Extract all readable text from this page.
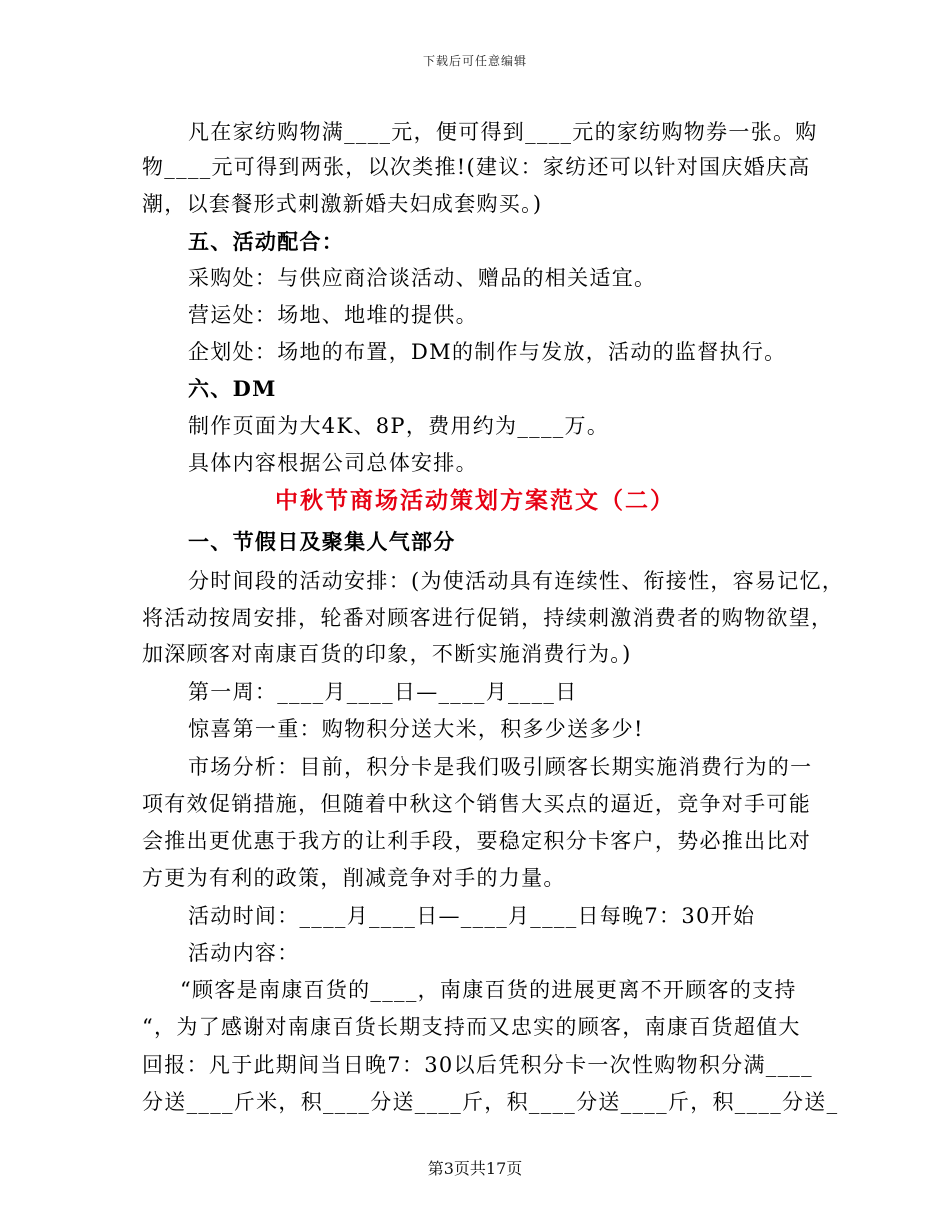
下载后可任意编辑
凡在家纺购物满____元，便可得到____元的家纺购物券一张。购
物____元可得到两张，以次类推!(建议：家纺还可以针对国庆婚庆高
潮，以套餐形式刺激新婚夫妇成套购买。)
五、活动配合：
采购处：与供应商洽谈活动、赠品的相关适宜。
营运处：场地、地堆的提供。
企划处：场地的布置，DM的制作与发放，活动的监督执行。
六、DM
制作页面为大4K、8P，费用约为____万。
具体内容根据公司总体安排。
中秋节商场活动策划方案范文（二）
一、节假日及聚集人气部分
分时间段的活动安排：(为使活动具有连续性、衔接性，容易记忆，
将活动按周安排，轮番对顾客进行促销，持续刺激消费者的购物欲望，
加深顾客对南康百货的印象，不断实施消费行为。)
第一周：____月____日—____月____日
惊喜第一重：购物积分送大米，积多少送多少!
市场分析：目前，积分卡是我们吸引顾客长期实施消费行为的一
项有效促销措施，但随着中秋这个销售大买点的逼近，竞争对手可能
会推出更优惠于我方的让利手段，要稳定积分卡客户，势必推出比对
方更为有利的政策，削减竞争对手的力量。
活动时间：____月____日—____月____日每晚7：30开始
活动内容：
“顾客是南康百货的____，南康百货的进展更离不开顾客的支持
“，为了感谢对南康百货长期支持而又忠实的顾客，南康百货超值大
回报：凡于此期间当日晚7：30以后凭积分卡一次性购物积分满____
分送____斤米，积____分送____斤，积____分送____斤，积____分送_
第3页共17页
